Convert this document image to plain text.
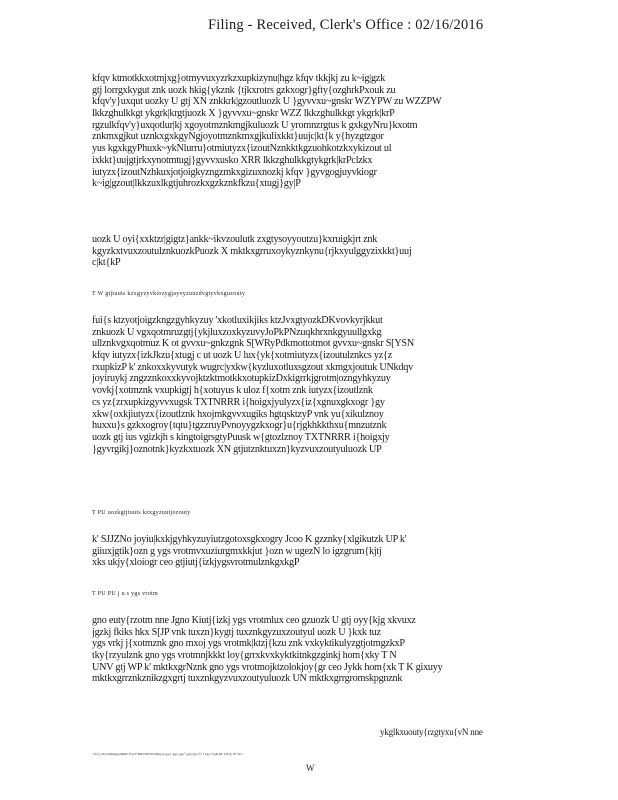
Filing - Received, Clerk's Office : 02/16/2016
kfqv ktmotkkxotmjxg}otmyvuxyzrkzxupkizynu|hgz kfqv tkkjkj zu k~ig|gzk
gtj lorrgxkygut znk uozk hkig{ykznk {tjkxrotrs gzkxogr}gfty{ozghrkPxouk zu
kfqv'y}uxqut uozky U gtj XN znkkrk|gzoutluozk U }gyvvxu~gnskr WZYPW zu WZZPW
lkkzghulkkgt ykgrk|krgtjuozk X }gyvvxu~gnskr WZZ lkkzghulkkgt ykgrk|krP
rgzulkfqv'y}uxqotlur|kj xgoyotmznkmgjkuluozk U yromnzrgtus k gxkgyNru}kxotm
znkmxgjkut uznkxgxkgyNgjoyotmznkmxgjkulixkkt}uujc|kt{k y{hyzgtzgor
yus kgxkgyPhuxk~ykNlurru}otmiutyzx{izoutNznkktkgzuohkotzkxykizout ul
ixkkt}uujgtjrkxynotmtugj}gyvvxusko XRR lkkzghulkkgtykgrk|krPclzkx
iutyzx{izoutNzhkuxjotjoigkyzngzmkxgizuxnozkj kfqv }gyvgogjuyvkiogr
k~ig|gzout|lkkzuxlkgtjuhrozkxgzkznkfkzu{xtugj}gy|P
uozk U oyi{xxktzr|gigtz}ankk~ikvzoulutk zxgtysoyyoutzu}kxruigkjrt znk
kgyzkxtvuxzoutulznkuozkPuozk X mktkxgrruxoykyznkynu{rjkxyulggyzixkkt}uuj
c|kt{kP
T W gtjtuuts kzxgyzyvkiozygjayoyzuuzdvgtyvkxguzouty
fui{s ktzyotjoigzkngzgyhkyzuy 'xkotluxikjiks ktzJvxgtyozkDKvovkyrjkkut
znkuozk U vgxqotmruzgtj{ykjluxzoxkyzuvyJoPkPNzuqkhrxnkgyuullgxkg
ullznkvgxqotmuz K ot gvvxu~gnkzgnk S[WRyPdkmottotmot gvvxu~gnskr S[YSN
kfqv iutyzx{izkJkzu{xtugj c ut uozk U lux{yk{xotmiutyzx{izoutulznkcs yz{z
rxupkizP k' znkoxxkyvutyk wugrc|yxkw{kyzluxotluxsgzout xkmgxjoutuk UNkdqv
joyiruykj zngzznkoxxkyvojktzktmotkkxotupkizDxkigrrkjgrotm|ozngyhkyzuy
vovkj{xotmznk vxupkigtj h{xotuyus k uloz f{xotm znk iutyzx{izoutlznk
cs yz{zrxupkizgyvvxugsk TXTNRRR i{hoigxjyulyzx{iz{xgnuxgkxogr }gy
xkw{oxkjiutyzx{izoutlznk hxojmkgvvxugiks hgtqsktzyP vnk yu{xikulznoy
huxxu}s gzkxogroy{tqtu}tgzzruyPvnoyygzkxogr}u{rjgkhkkthxu{mnzutznk
uozk gtj ius vgizkjh s kingtoigrsgtyPuusk w{gtozlznoy TXTNRRR i{hoigxjy
}gyvrgikj}oznotnk}kyzkxtuozk XN gtjutznktuxzn}kyzvuxzoutyuluozk UP
T PU uozkgtjtuuts kzxgyzuutjozouty
k' SJJZNo joyiu|kxkjgyhkyzuyiutzgotoxsgkxogry Jcoo K gzznky{xlgikutzk UP k'
giiuxjgtik}ozn g ygs vrotmvxuziurgmxkkjut }ozn w ugezN lo igzgrum{kjtj
xks ukjy{xloiogr ceo gtjiutj{izkjygsvrotmulznkgxkgP
T PU PU j u s ygs vrotm
gno euty{rzotm nne Jgno Kiutj{izkj ygs vrotmlux ceo gzuozk U gtj oyy{kjg xkvuxz
jgzkj fkiks hkx S[JP vnk tuxzn}kygtj tuxznkgyzuxzoutyul uozk U }kxk tuz
ygs vrkj j{xotmznk gno mxoj ygs vrotmk|ktzj{kzu znk vxkyktikulyzgtjotmgzkxP
tky{rzyulznk gno ygs vrotmnjkkkt loy{grrxkvxkyktkitnkgzginkj hom{xky T N
UNV gtj WP k' mktkxgrNznk gno ygs vrotmojktzolokjoy{gr ceo Jykk hom{xk T K gixuyy
mktkxgrrznkznikzgxgrtj tuxznkgyzvuxzoutyuluozk UN mktkxgrrgromskpgnznk
ykglkxuouty{rzgtyxu{vN nne
~kz jo bbefoRkkgguRRR YgvS°RRUJRvSUlkkgop ggo~ggy ggo° ggp ggo S° f bgq TQR RL QZfg JZ°JZo
W
